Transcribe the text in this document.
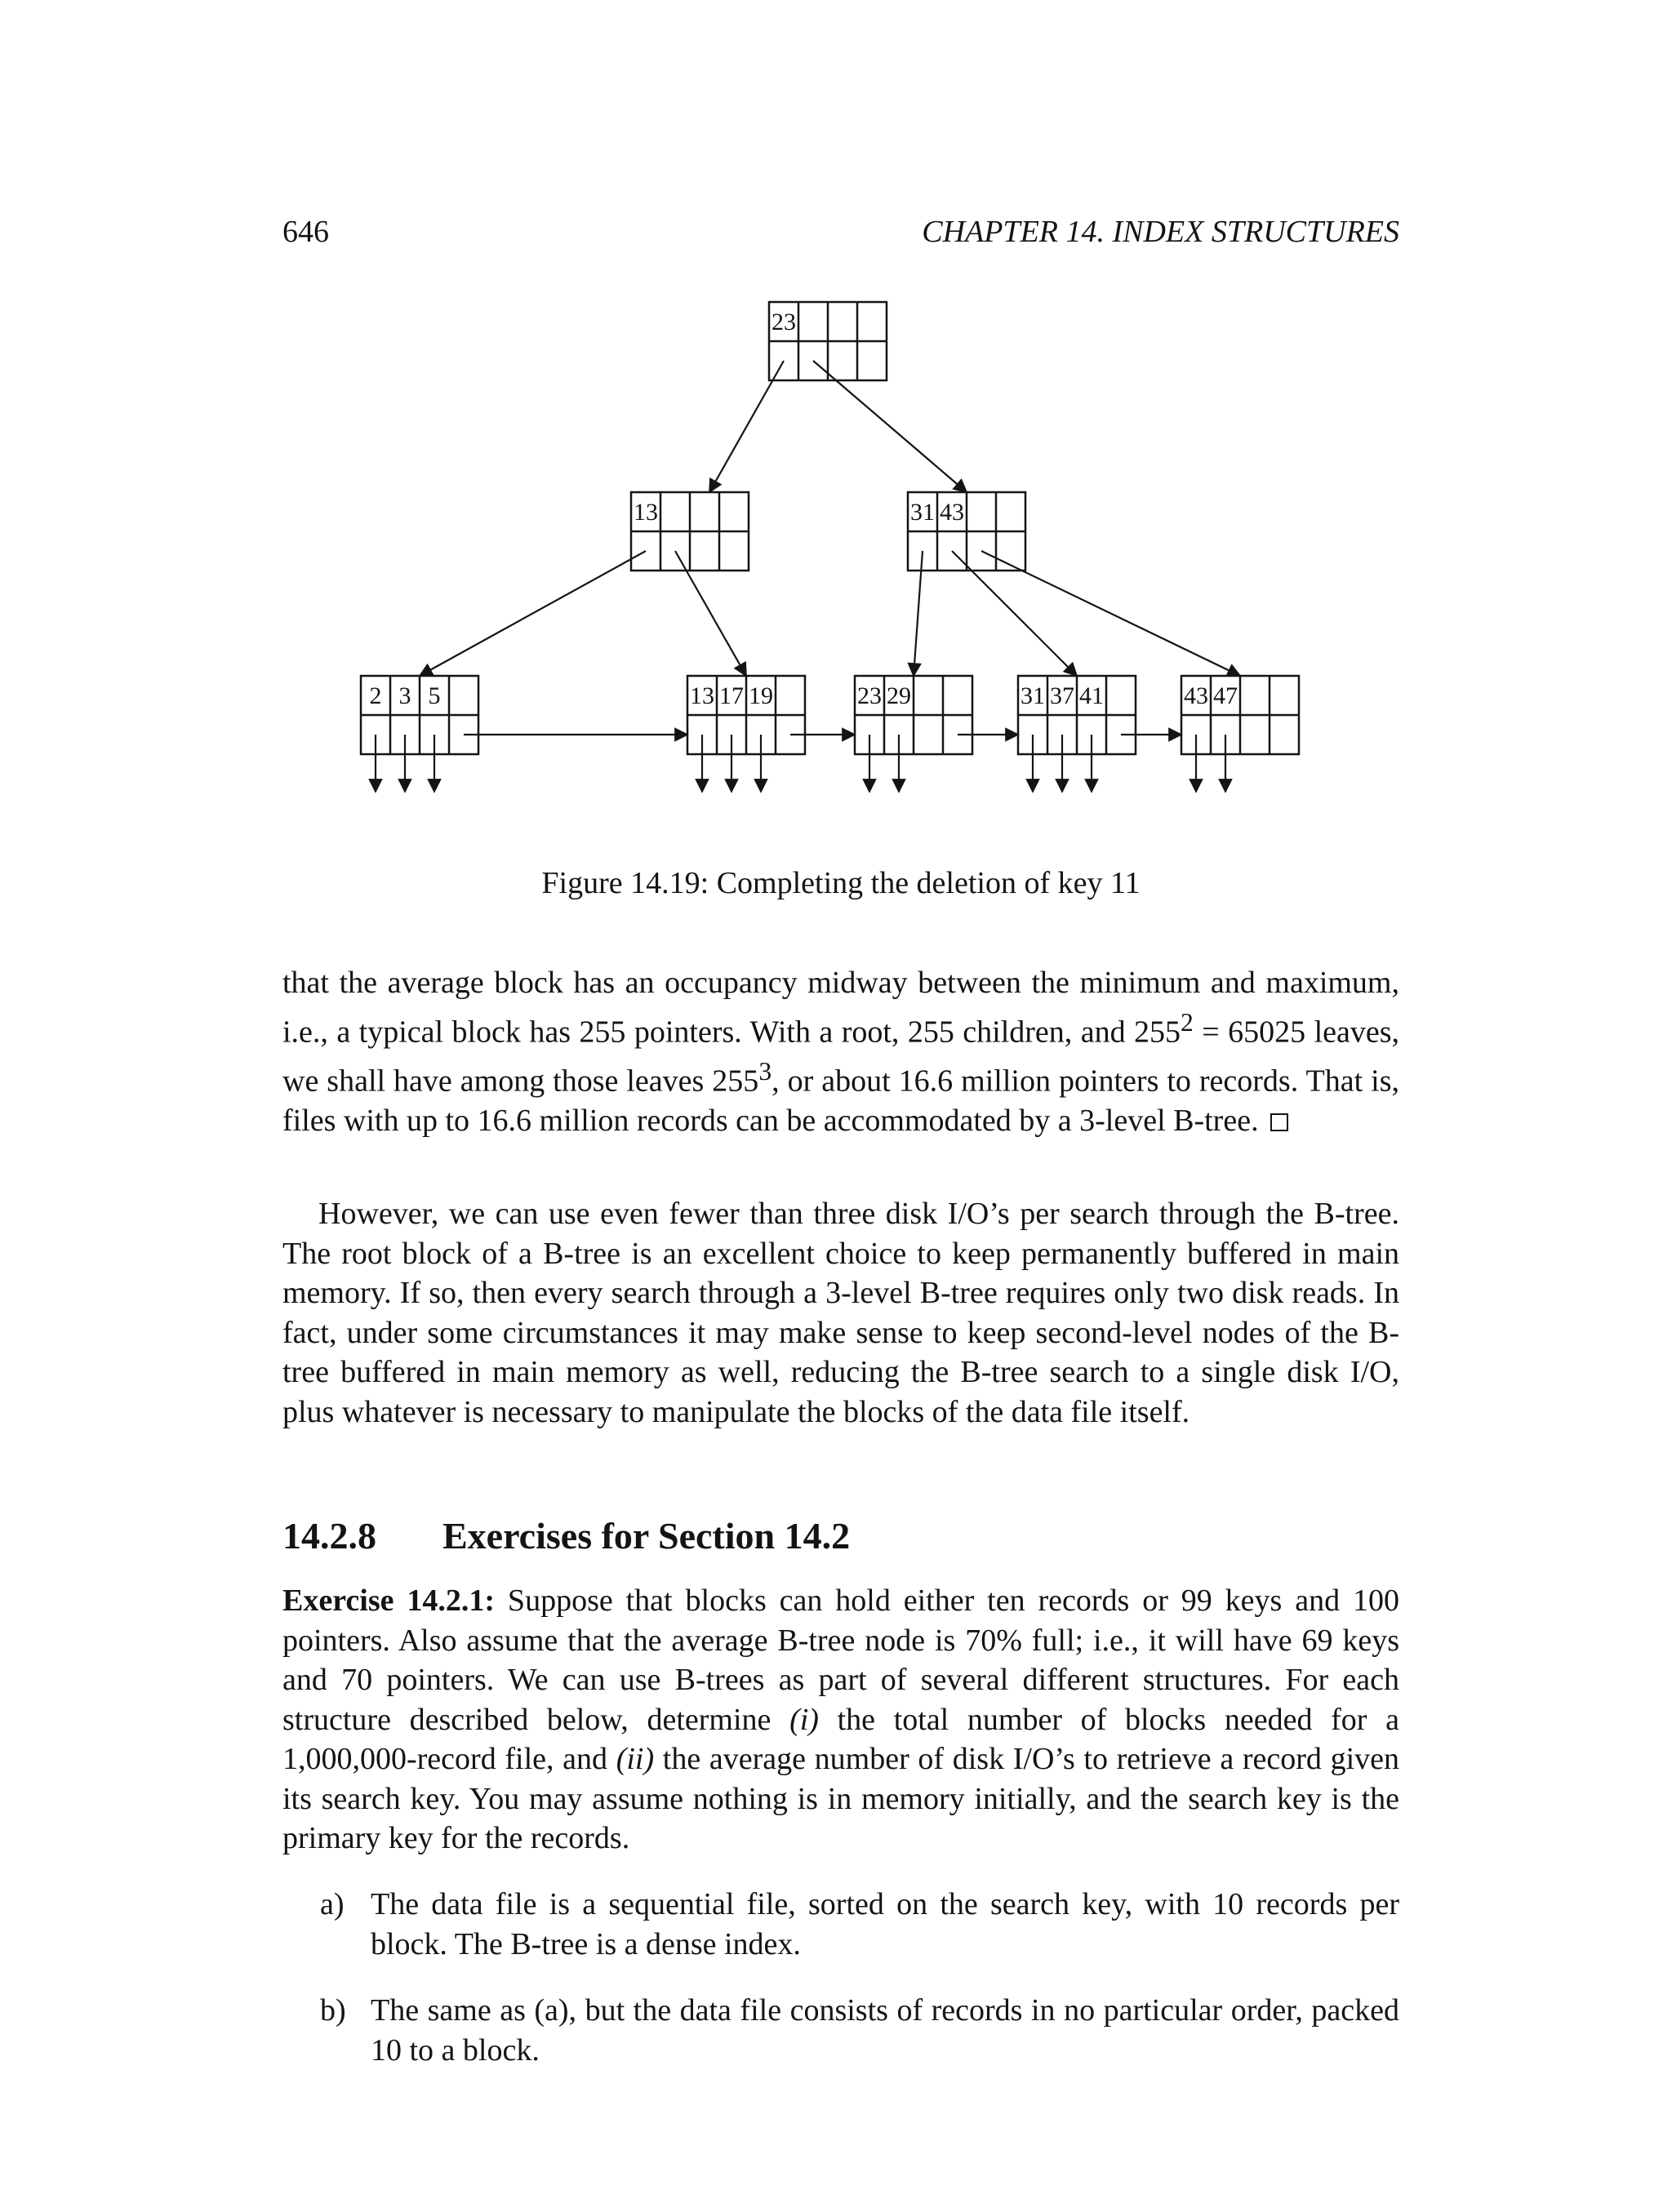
646	CHAPTER 14. INDEX STRUCTURES
23
13	31 43
2 3 5	13 17 19	23 29	31 37 41	43 47
Figure 14.19: Completing the deletion of key 11
that the average block has an occupancy midway between the minimum and maximum, i.e., a typical block has 255 pointers. With a root, 255 children, and $255^2 = 65025$ leaves, we shall have among those leaves $255^3$, or about 16.6 million pointers to records. That is, files with up to 16.6 million records can be accommodated by a 3-level B-tree.
However, we can use even fewer than three disk I/O’s per search through the B-tree. The root block of a B-tree is an excellent choice to keep permanently buffered in main memory. If so, then every search through a 3-level B-tree requires only two disk reads. In fact, under some circumstances it may make sense to keep second-level nodes of the B-tree buffered in main memory as well, reducing the B-tree search to a single disk I/O, plus whatever is necessary to manipulate the blocks of the data file itself.
14.2.8 Exercises for Section 14.2
Exercise 14.2.1: Suppose that blocks can hold either ten records or 99 keys and 100 pointers. Also assume that the average B-tree node is 70% full; i.e., it will have 69 keys and 70 pointers. We can use B-trees as part of several different structures. For each structure described below, determine (i) the total number of blocks needed for a 1,000,000-record file, and (ii) the average number of disk I/O’s to retrieve a record given its search key. You may assume nothing is in memory initially, and the search key is the primary key for the records.
a) The data file is a sequential file, sorted on the search key, with 10 records per block. The B-tree is a dense index.
b) The same as (a), but the data file consists of records in no particular order, packed 10 to a block.
